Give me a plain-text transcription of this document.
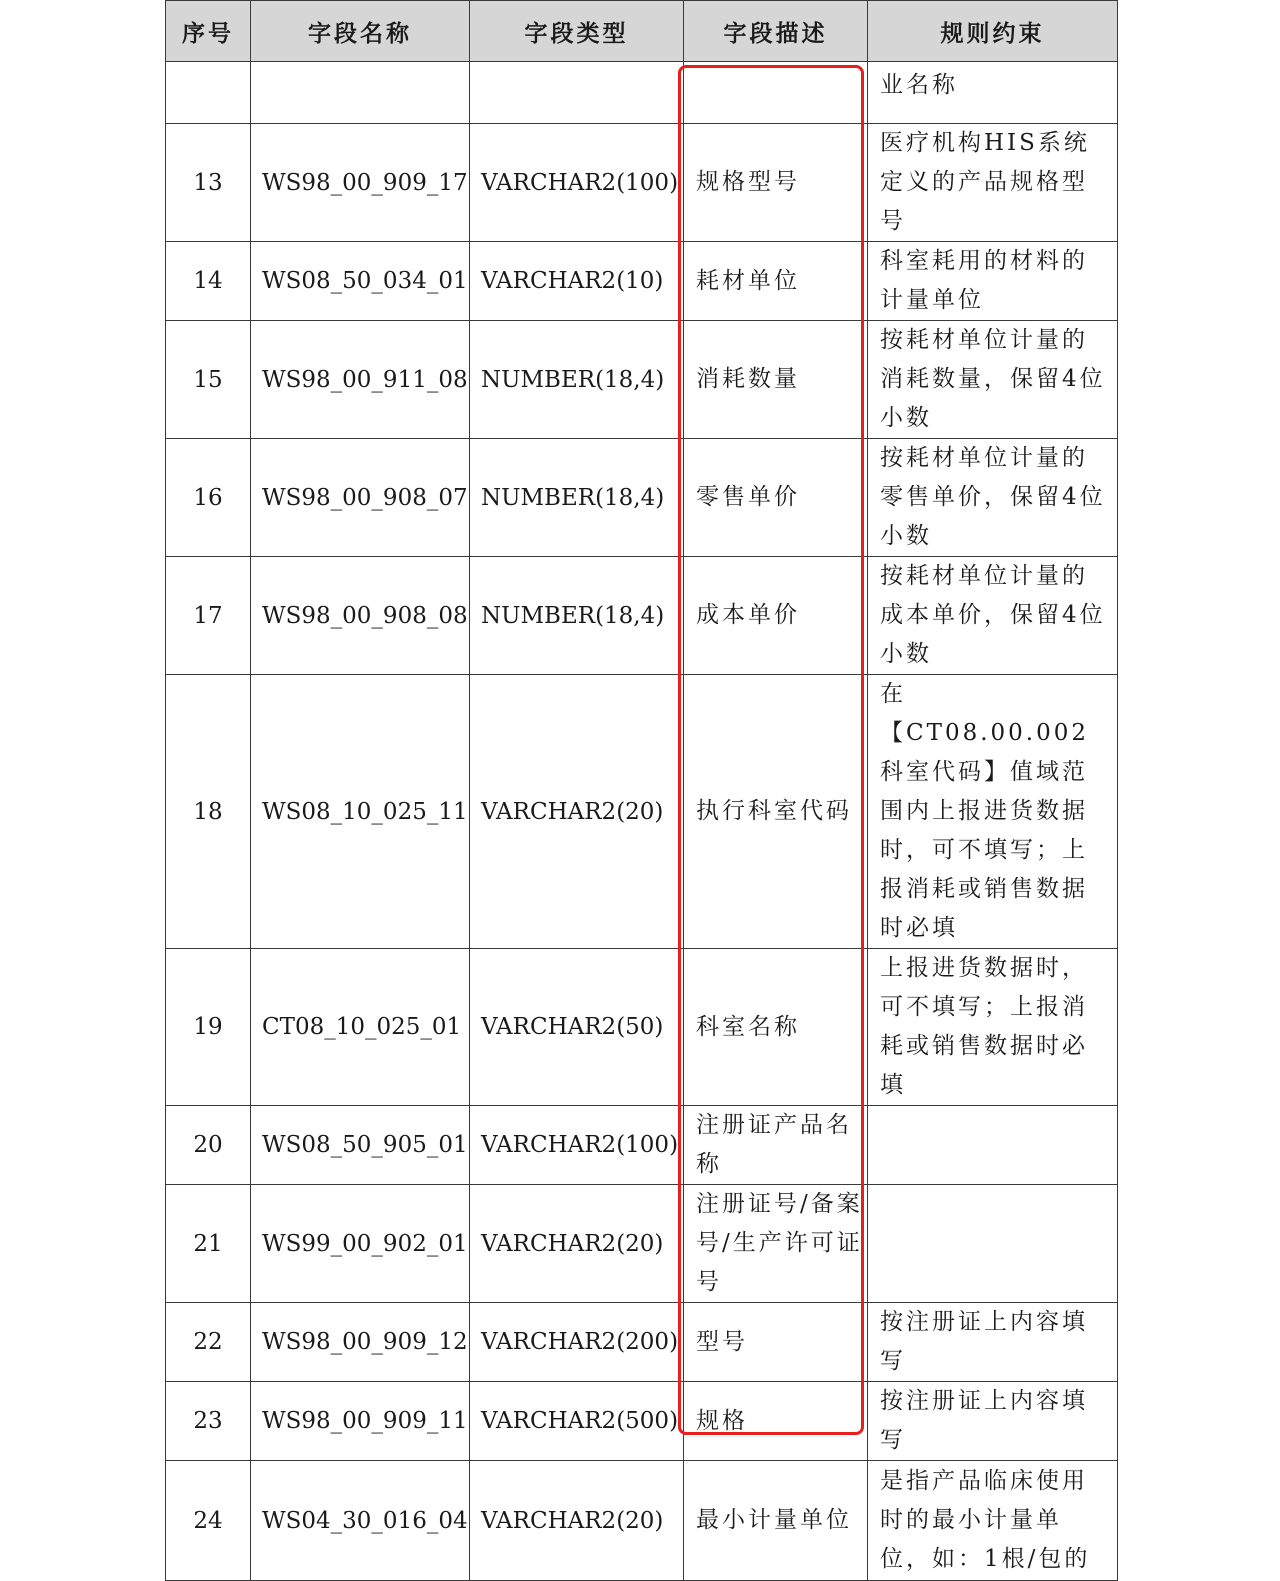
序号	字段名称	字段类型	字段描述	规则约束
				业名称
13	WS98_00_909_17	VARCHAR2(100)	规格型号	医疗机构HIS系统定义的产品规格型号
14	WS08_50_034_01	VARCHAR2(10)	耗材单位	科室耗用的材料的计量单位
15	WS98_00_911_08	NUMBER(18,4)	消耗数量	按耗材单位计量的消耗数量，保留4位小数
16	WS98_00_908_07	NUMBER(18,4)	零售单价	按耗材单位计量的零售单价，保留4位小数
17	WS98_00_908_08	NUMBER(18,4)	成本单价	按耗材单位计量的成本单价，保留4位小数
18	WS08_10_025_11	VARCHAR2(20)	执行科室代码	在【CT08.00.002 科室代码】值域范围内上报进货数据时，可不填写；上报消耗或销售数据时必填
19	CT08_10_025_01	VARCHAR2(50)	科室名称	上报进货数据时，可不填写；上报消耗或销售数据时必填
20	WS08_50_905_01	VARCHAR2(100)	注册证产品名称	
21	WS99_00_902_01	VARCHAR2(20)	注册证号/备案号/生产许可证号	
22	WS98_00_909_12	VARCHAR2(200)	型号	按注册证上内容填写
23	WS98_00_909_11	VARCHAR2(500)	规格	按注册证上内容填写
24	WS04_30_016_04	VARCHAR2(20)	最小计量单位	是指产品临床使用时的最小计量单位，如：1根/包的
